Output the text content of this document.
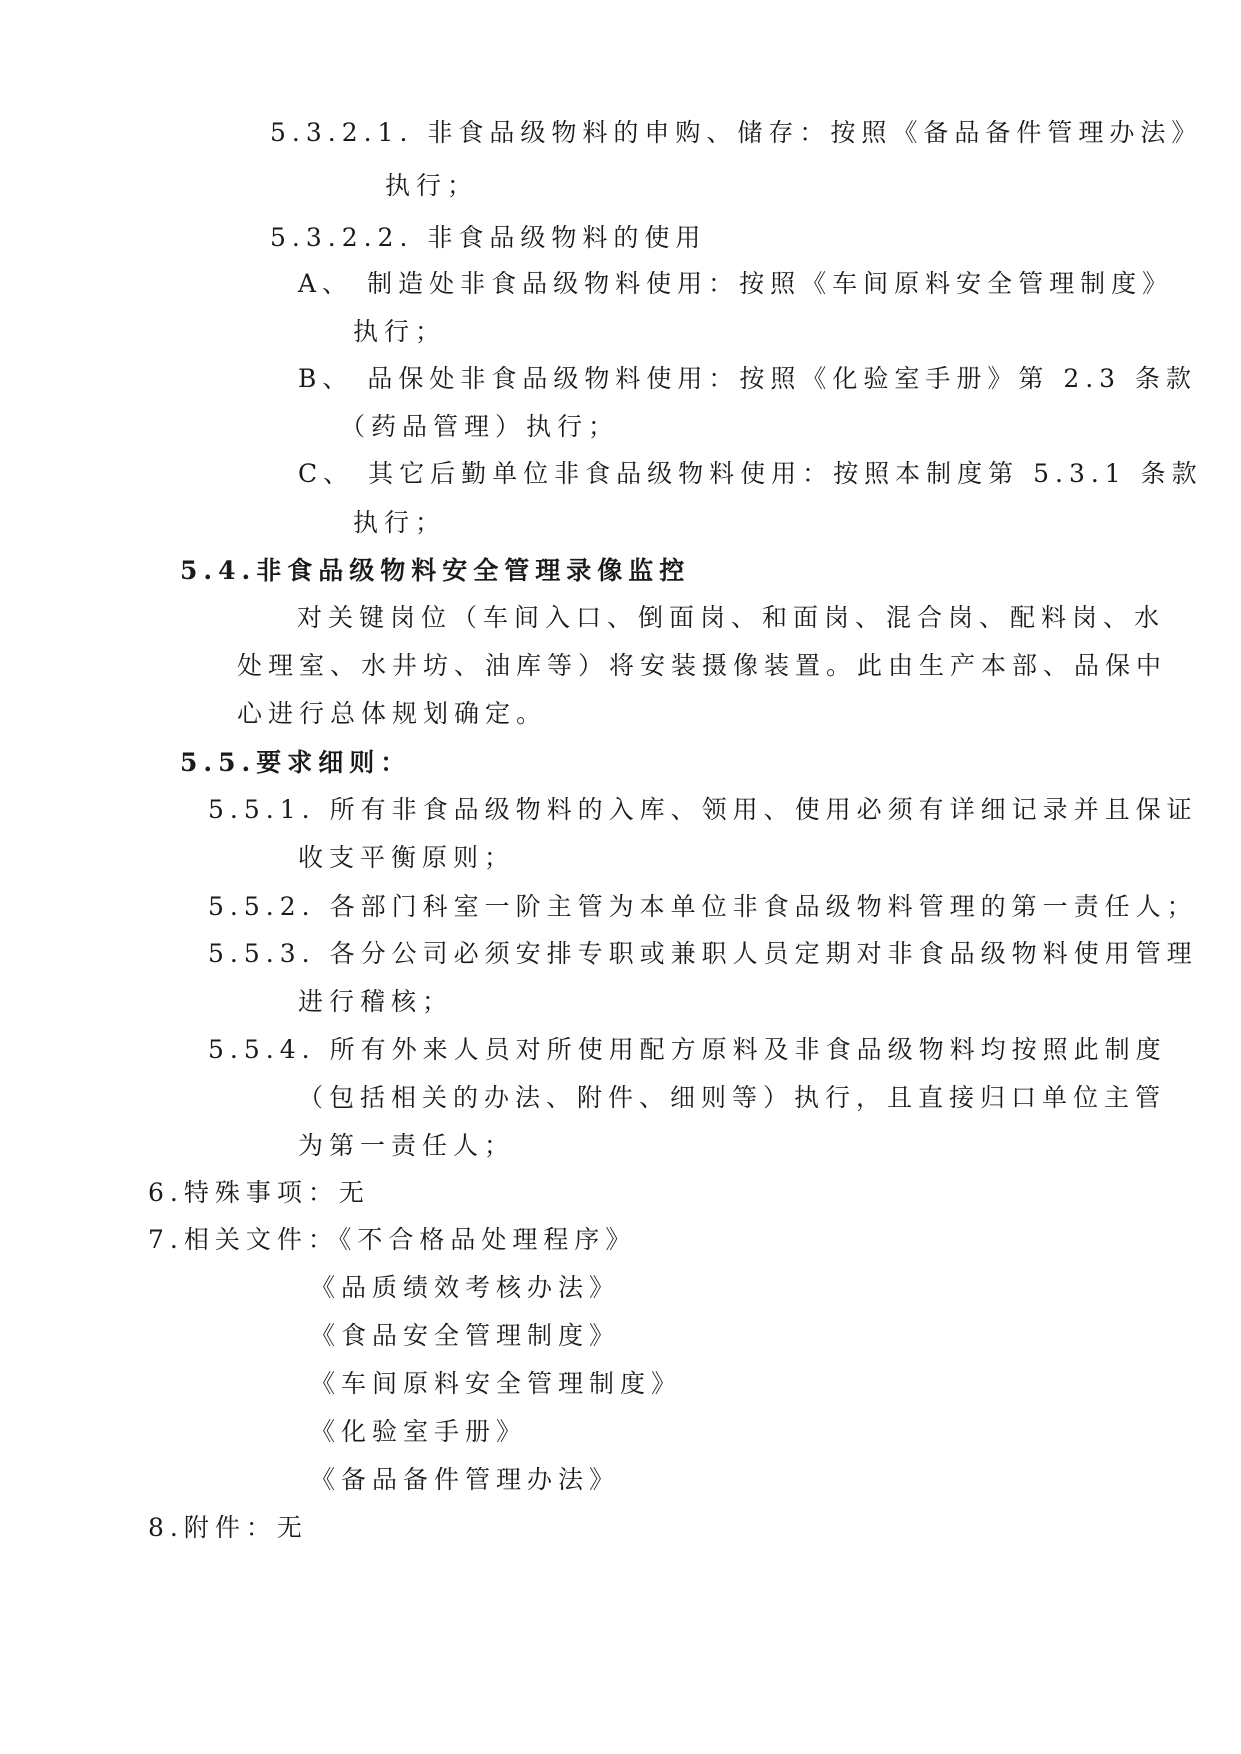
5.3.2.1. 非食品级物料的申购、储存：按照《备品备件管理办法》
执行；
5.3.2.2. 非食品级物料的使用
A、 制造处非食品级物料使用：按照《车间原料安全管理制度》
执行；
B、 品保处非食品级物料使用：按照《化验室手册》第 2.3 条款
（药品管理）执行；
C、 其它后勤单位非食品级物料使用：按照本制度第 5.3.1 条款
执行；
5.4.非食品级物料安全管理录像监控
对关键岗位（车间入口、倒面岗、和面岗、混合岗、配料岗、水
处理室、水井坊、油库等）将安装摄像装置。此由生产本部、品保中
心进行总体规划确定。
5.5.要求细则：
5.5.1. 所有非食品级物料的入库、领用、使用必须有详细记录并且保证
收支平衡原则；
5.5.2. 各部门科室一阶主管为本单位非食品级物料管理的第一责任人；
5.5.3. 各分公司必须安排专职或兼职人员定期对非食品级物料使用管理
进行稽核；
5.5.4. 所有外来人员对所使用配方原料及非食品级物料均按照此制度
（包括相关的办法、附件、细则等）执行，且直接归口单位主管
为第一责任人；
6.特殊事项：无
7.相关文件：《不合格品处理程序》
《品质绩效考核办法》
《食品安全管理制度》
《车间原料安全管理制度》
《化验室手册》
《备品备件管理办法》
8.附件：无
